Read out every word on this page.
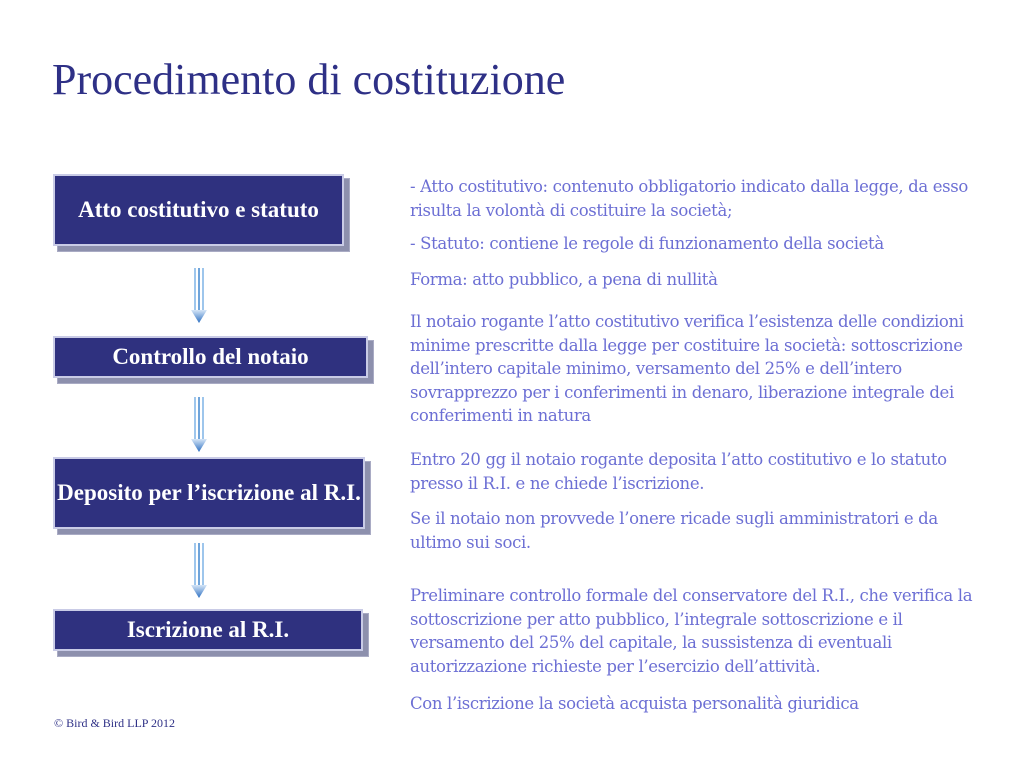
Procedimento di costituzione
Atto costitutivo e statuto
Controllo del notaio
Deposito per l’iscrizione al R.I.
Iscrizione al R.I.

- Atto costitutivo: contenuto obbligatorio indicato dalla legge, da esso risulta la volontà di costituire la società;

- Statuto: contiene le regole di funzionamento della società

Forma: atto pubblico, a pena di nullità

Il notaio rogante l’atto costitutivo verifica l’esistenza delle condizioni minime prescritte dalla legge per costituire la società: sottoscrizione dell’intero capitale minimo, versamento del 25% e dell’intero sovrapprezzo per i conferimenti in denaro, liberazione integrale dei conferimenti in natura

Entro 20 gg il notaio rogante deposita l’atto costitutivo e lo statuto presso il R.I. e ne chiede l’iscrizione.

Se il notaio non provvede l’onere ricade sugli amministratori e da ultimo sui soci.

Preliminare controllo formale del conservatore del R.I., che verifica la sottoscrizione per atto pubblico, l’integrale sottoscrizione e il versamento del 25% del capitale, la sussistenza di eventuali autorizzazione richieste per l’esercizio dell’attività.

Con l’iscrizione la società acquista personalità giuridica

© Bird & Bird LLP 2012
